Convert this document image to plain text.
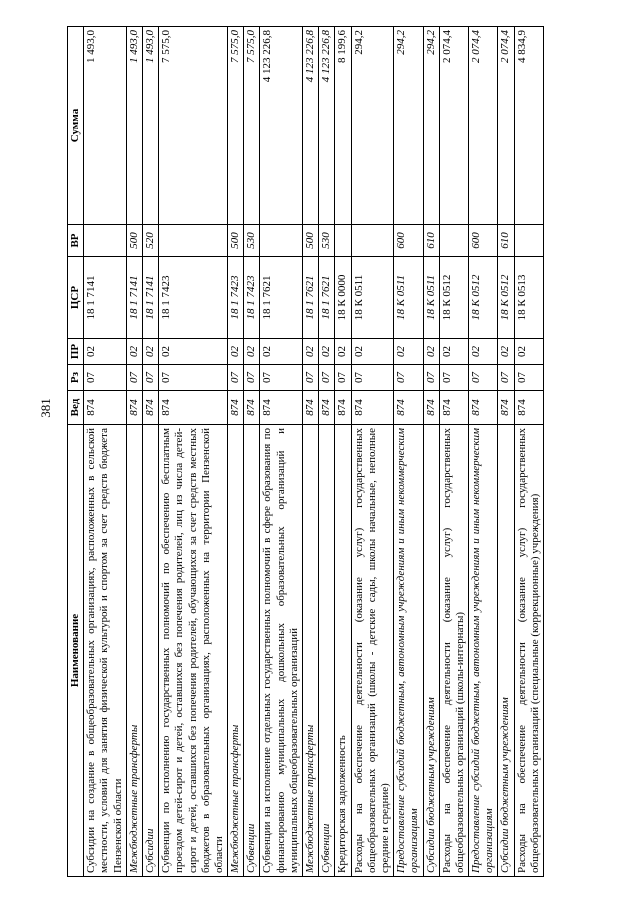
381
Наименование	Вед	Рз	ПР	ЦСР	ВР	Сумма
Субсидии на создание в общеобразовательных организациях, расположенных в сельской местности, условий для занятия физической культурой и спортом за счет средств бюджета Пензенской области	874	07	02	18 1 7141		1 493,0
Межбюджетные трансферты	874	07	02	18 1 7141	500	1 493,0
Субсидии	874	07	02	18 1 7141	520	1 493,0
Субвенции по исполнению государственных полномочий по обеспечению бесплатным проездом детей-сирот и детей, оставшихся без попечения родителей, лиц из числа детей-сирот и детей, оставшихся без попечения родителей, обучающихся за счет средств местных бюджетов в образовательных организациях, расположенных на территории Пензенской области	874	07	02	18 1 7423		7 575,0
Межбюджетные трансферты	874	07	02	18 1 7423	500	7 575,0
Субвенции	874	07	02	18 1 7423	530	7 575,0
Субвенции на исполнение отдельных государственных полномочий в сфере образования по финансированию муниципальных дошкольных образовательных организаций и муниципальных общеобразовательных организаций	874	07	02	18 1 7621		4 123 226,8
Межбюджетные трансферты	874	07	02	18 1 7621	500	4 123 226,8
Субвенции	874	07	02	18 1 7621	530	4 123 226,8
Кредиторская задолженность	874	07	02	18 К 0000		8 199,6
Расходы на обеспечение деятельности (оказание услуг) государственных общеобразовательных организаций (школы - детские сады, школы начальные, неполные средние и средние)	874	07	02	18 К 0511		294,2
Предоставление субсидий бюджетным, автономным учреждениям и иным некоммерческим организациям	874	07	02	18 К 0511	600	294,2
Субсидии бюджетным учреждениям	874	07	02	18 К 0511	610	294,2
Расходы на обеспечение деятельности (оказание услуг) государственных общеобразовательных организаций (школы-интернаты)	874	07	02	18 К 0512		2 074,4
Предоставление субсидий бюджетным, автономным учреждениям и иным некоммерческим организациям	874	07	02	18 К 0512	600	2 074,4
Субсидии бюджетным учреждениям	874	07	02	18 К 0512	610	2 074,4
Расходы на обеспечение деятельности (оказание услуг) государственных общеобразовательных организаций (специальные (коррекционные) учреждения)	874	07	02	18 К 0513		4 834,9
